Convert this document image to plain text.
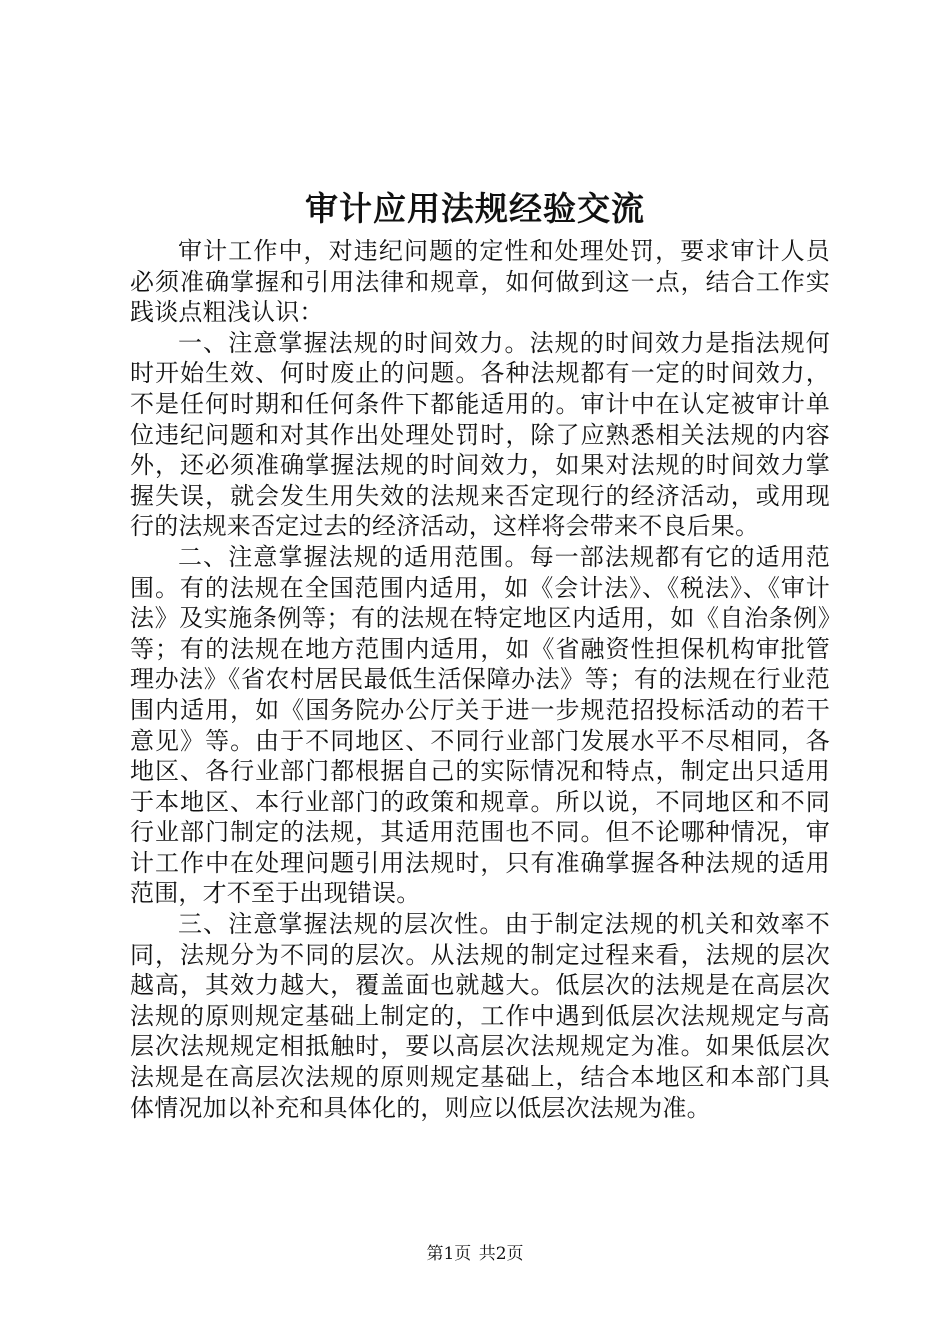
审计应用法规经验交流

审计工作中，对违纪问题的定性和处理处罚，要求审计人员必须准确掌握和引用法律和规章，如何做到这一点，结合工作实践谈点粗浅认识：

一、注意掌握法规的时间效力。法规的时间效力是指法规何时开始生效、何时废止的问题。各种法规都有一定的时间效力，不是任何时期和任何条件下都能适用的。审计中在认定被审计单位违纪问题和对其作出处理处罚时，除了应熟悉相关法规的内容外，还必须准确掌握法规的时间效力，如果对法规的时间效力掌握失误，就会发生用失效的法规来否定现行的经济活动，或用现行的法规来否定过去的经济活动，这样将会带来不良后果。

二、注意掌握法规的适用范围。每一部法规都有它的适用范围。有的法规在全国范围内适用，如《会计法》、《税法》、《审计法》及实施条例等；有的法规在特定地区内适用，如《自治条例》等；有的法规在地方范围内适用，如《省融资性担保机构审批管理办法》《省农村居民最低生活保障办法》等；有的法规在行业范围内适用，如《国务院办公厅关于进一步规范招投标活动的若干意见》等。由于不同地区、不同行业部门发展水平不尽相同，各地区、各行业部门都根据自己的实际情况和特点，制定出只适用于本地区、本行业部门的政策和规章。所以说，不同地区和不同行业部门制定的法规，其适用范围也不同。但不论哪种情况，审计工作中在处理问题引用法规时，只有准确掌握各种法规的适用范围，才不至于出现错误。

三、注意掌握法规的层次性。由于制定法规的机关和效率不同，法规分为不同的层次。从法规的制定过程来看，法规的层次越高，其效力越大，覆盖面也就越大。低层次的法规是在高层次法规的原则规定基础上制定的，工作中遇到低层次法规规定与高层次法规规定相抵触时，要以高层次法规规定为准。如果低层次法规是在高层次法规的原则规定基础上，结合本地区和本部门具体情况加以补充和具体化的，则应以低层次法规为准。

第1页 共2页
